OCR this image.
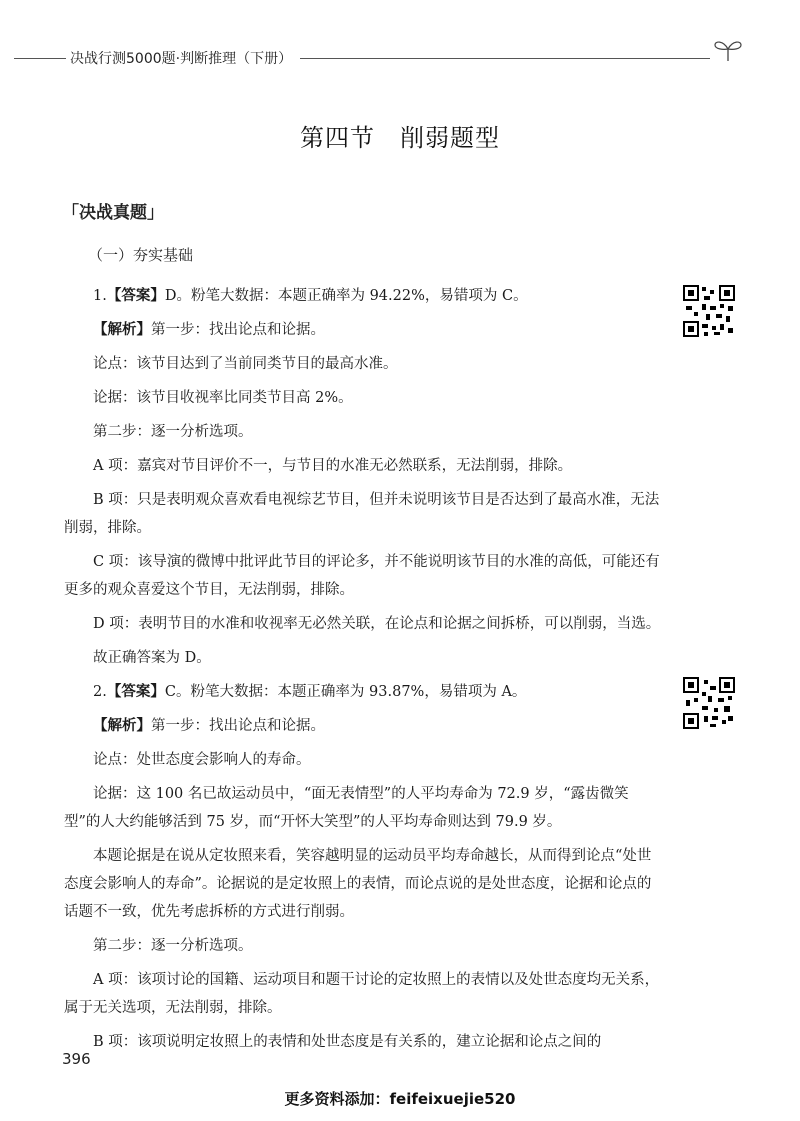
决战行测5000题·判断推理（下册）
第四节　削弱题型
「决战真题」
（一）夯实基础

1.【答案】D。粉笔大数据：本题正确率为 94.22%，易错项为 C。

【解析】第一步：找出论点和论据。

论点：该节目达到了当前同类节目的最高水准。

论据：该节目收视率比同类节目高 2%。

第二步：逐一分析选项。

A 项：嘉宾对节目评价不一，与节目的水准无必然联系，无法削弱，排除。

B 项：只是表明观众喜欢看电视综艺节目，但并未说明该节目是否达到了最高水准，无法削弱，排除。

C 项：该导演的微博中批评此节目的评论多，并不能说明该节目的水准的高低，可能还有更多的观众喜爱这个节目，无法削弱，排除。

D 项：表明节目的水准和收视率无必然关联，在论点和论据之间拆桥，可以削弱，当选。

故正确答案为 D。

2.【答案】C。粉笔大数据：本题正确率为 93.87%，易错项为 A。

【解析】第一步：找出论点和论据。

论点：处世态度会影响人的寿命。

论据：这 100 名已故运动员中，“面无表情型”的人平均寿命为 72.9 岁，“露齿微笑型”的人大约能够活到 75 岁，而“开怀大笑型”的人平均寿命则达到 79.9 岁。

本题论据是在说从定妆照来看，笑容越明显的运动员平均寿命越长，从而得到论点“处世态度会影响人的寿命”。论据说的是定妆照上的表情，而论点说的是处世态度，论据和论点的话题不一致，优先考虑拆桥的方式进行削弱。

第二步：逐一分析选项。

A 项：该项讨论的国籍、运动项目和题干讨论的定妆照上的表情以及处世态度均无关系，属于无关选项，无法削弱，排除。

B 项：该项说明定妆照上的表情和处世态度是有关系的，建立论据和论点之间的

396
更多资料添加：feifeixuejie520
